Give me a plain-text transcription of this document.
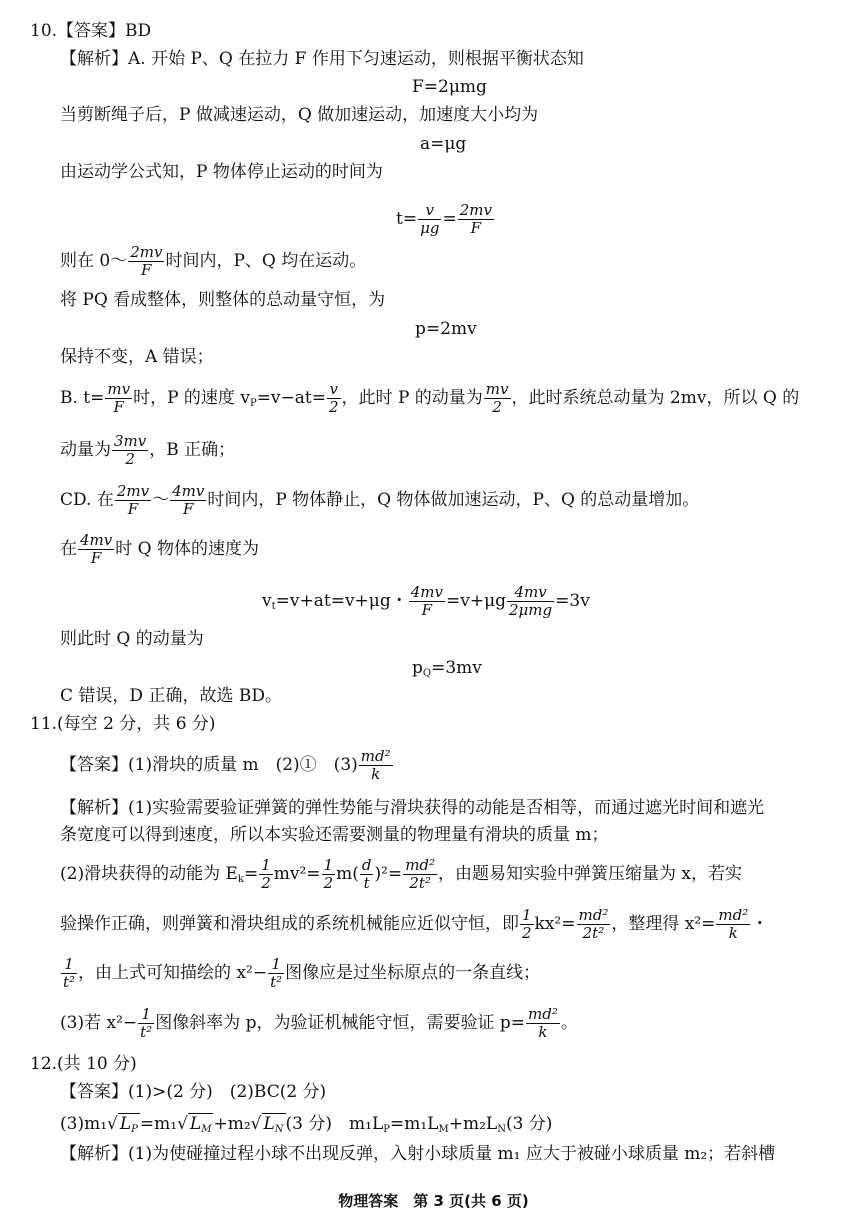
10.【答案】BD
【解析】A. 开始 P、Q 在拉力 F 作用下匀速运动，则根据平衡状态知
F=2μmg
当剪断绳子后，P 做减速运动，Q 做加速运动，加速度大小均为
a=μg
由运动学公式知，P 物体停止运动的时间为
$t= \frac{v}{\mu g} = \frac{2mv}{F}$
则在 0～ $\frac{2mv}{F}$ 时间内，P、Q 均在运动。
将 PQ 看成整体，则整体的总动量守恒，为
p=2mv
保持不变，A 错误；
B. $t= \frac{mv}{F}$ 时，P 的速度 $v_P=v-at= \frac{v}{2}$ ，此时 P 的动量为 $\frac{mv}{2}$ ，此时系统总动量为 2mv，所以 Q 的
动量为 $\frac{3mv}{2}$ ，B 正确；
CD. 在 $\frac{2mv}{F}$ ～ $\frac{4mv}{F}$ 时间内，P 物体静止，Q 物体做加速运动，P、Q 的总动量增加。
在 $\frac{4mv}{F}$ 时 Q 物体的速度为
$v_t=v+at=v+\mu g$・ $\frac{4mv}{F} =v+\mu g \frac{4mv}{\text{2μmg}} =3v$
则此时 Q 的动量为
$p_Q=3mv$
C 错误，D 正确，故选 BD。
11.(每空 2 分，共 6 分)
【答案】(1)滑块的质量 m　(2)①　$(3) \frac{\text{md²}}{k}$
【解析】(1)实验需要验证弹簧的弹性势能与滑块获得的动能是否相等，而通过遮光时间和遮光
条宽度可以得到速度，所以本实验还需要测量的物理量有滑块的质量 m；
(2)滑块获得的动能为 $E_k= \frac{1}{2} mv^2= \frac{1}{2} m( \frac{d}{t} )^2= \frac{\text{md²}}{\text{2t²}}$ ，由题易知实验中弹簧压缩量为 x，若实
验操作正确，则弹簧和滑块组成的系统机械能应近似守恒，即 $\frac{1}{2} kx^2= \frac{\text{md²}}{\text{2t²}}$ ，整理得 $x^2= \frac{\text{md²}}{k}$ ・
$\frac{1}{\text{t²}}$ ，由上式可知描绘的 $x^2- \frac{1}{\text{t²}}$ 图像应是过坐标原点的一条直线；
(3)若 $x^2- \frac{1}{\text{t²}}$ 图像斜率为 p，为验证机械能守恒，需要验证 $p= \frac{\text{md²}}{k}$ 。
12.(共 10 分)
【答案】(1)>(2 分)　(2)BC(2 分)
(3)m₁√ $L_P =m_1√$ $L_M +m_2√$ $L_N$ (3 分)　$m_1L_P=m_1L_M+m_2L_N(3$ 分)
【解析】(1)为使碰撞过程小球不出现反弹，入射小球质量 m₁ 应大于被碰小球质量 m₂；若斜槽
物理答案　第 3 页(共 6 页)
